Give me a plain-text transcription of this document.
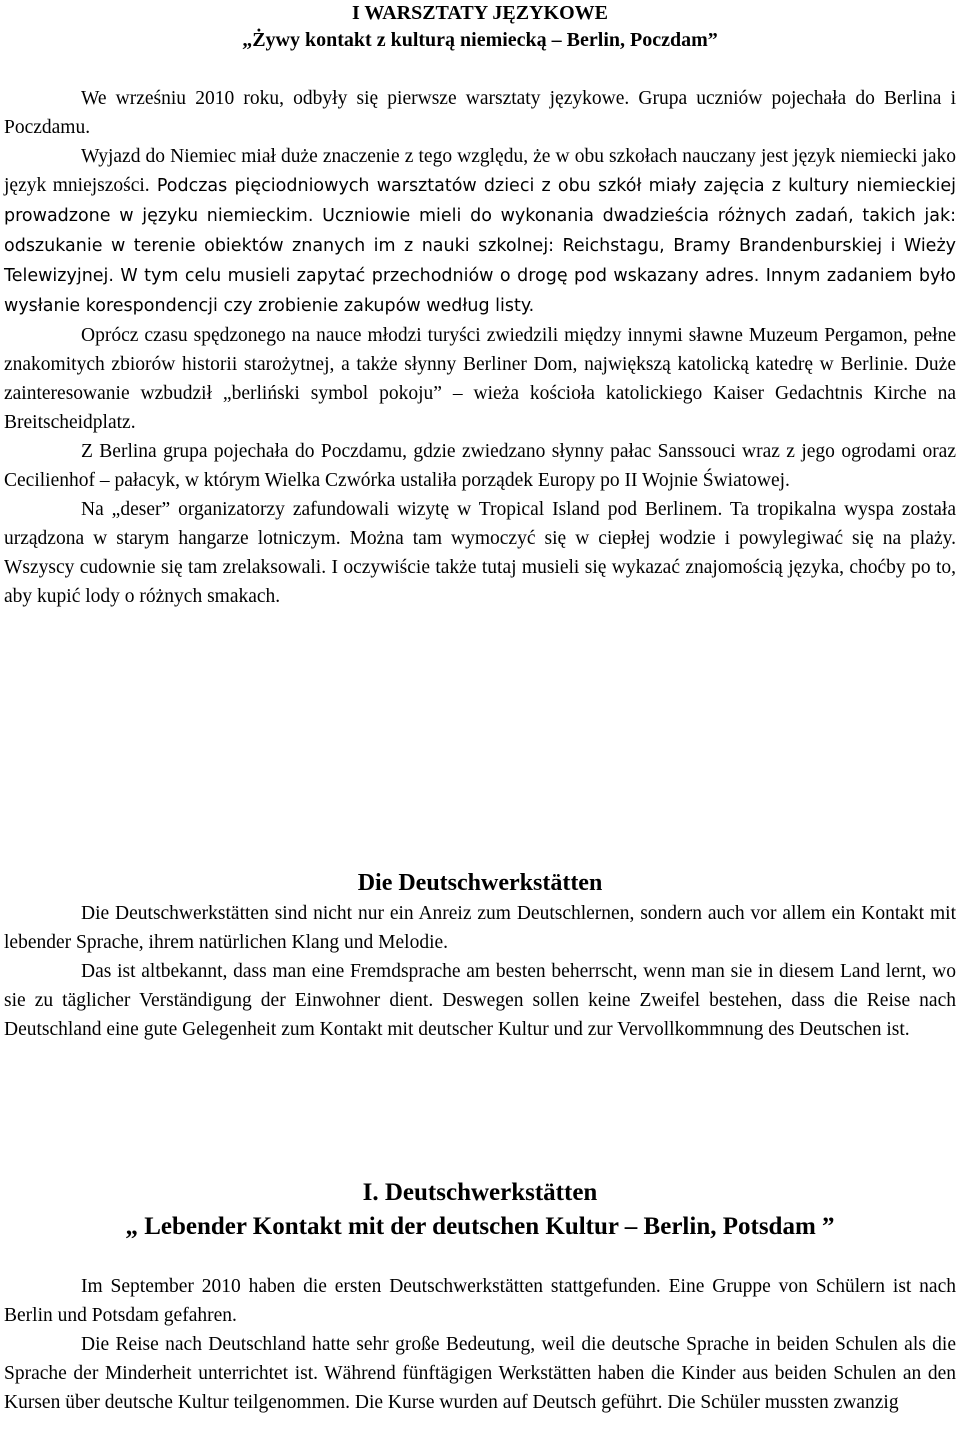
I WARSZTATY JĘZYKOWE
„Żywy kontakt z kulturą niemiecką – Berlin, Poczdam”

We wrześniu 2010 roku, odbyły się pierwsze warsztaty językowe. Grupa uczniów pojechała do Berlina i Poczdamu.

Wyjazd do Niemiec miał duże znaczenie z tego względu, że w obu szkołach nauczany jest język niemiecki jako język mniejszości. Podczas pięciodniowych warsztatów dzieci z obu szkół miały zajęcia z kultury niemieckiej prowadzone w języku niemieckim. Uczniowie mieli do wykonania dwadzieścia różnych zadań, takich jak: odszukanie w terenie obiektów znanych im z nauki szkolnej: Reichstagu, Bramy Brandenburskiej i Wieży Telewizyjnej. W tym celu musieli zapytać przechodniów o drogę pod wskazany adres. Innym zadaniem było wysłanie korespondencji czy zrobienie zakupów według listy.

Oprócz czasu spędzonego na nauce młodzi turyści zwiedzili między innymi sławne Muzeum Pergamon, pełne znakomitych zbiorów historii starożytnej, a także słynny Berliner Dom, największą katolicką katedrę w Berlinie. Duże zainteresowanie wzbudził „berliński symbol pokoju” – wieża kościoła katolickiego Kaiser Gedachtnis Kirche na Breitscheidplatz.

Z Berlina grupa pojechała do Poczdamu, gdzie zwiedzano słynny pałac Sanssouci wraz z jego ogrodami oraz Cecilienhof – pałacyk, w którym Wielka Czwórka ustaliła porządek Europy po II Wojnie Światowej.

Na „deser” organizatorzy zafundowali wizytę w Tropical Island pod Berlinem. Ta tropikalna wyspa została urządzona w starym hangarze lotniczym. Można tam wymoczyć się w ciepłej wodzie i powylegiwać się na plaży. Wszyscy cudownie się tam zrelaksowali. I oczywiście także tutaj musieli się wykazać znajomością języka, choćby po to, aby kupić lody o różnych smakach.

Die Deutschwerkstätten

Die Deutschwerkstätten sind nicht nur ein Anreiz zum Deutschlernen, sondern auch vor allem ein Kontakt mit lebender Sprache, ihrem natürlichen Klang und Melodie.

Das ist altbekannt, dass man eine Fremdsprache am besten beherrscht, wenn man sie in diesem Land lernt, wo sie zu täglicher Verständigung der Einwohner dient. Deswegen sollen keine Zweifel bestehen, dass die Reise nach Deutschland eine gute Gelegenheit zum Kontakt mit deutscher Kultur und zur Vervollkommnung des Deutschen ist.

I. Deutschwerkstätten
„ Lebender Kontakt mit der deutschen Kultur – Berlin, Potsdam ”

Im September 2010 haben die ersten Deutschwerkstätten stattgefunden. Eine Gruppe von Schülern ist nach Berlin und Potsdam gefahren.

Die Reise nach Deutschland hatte sehr große Bedeutung, weil die deutsche Sprache in beiden Schulen als die Sprache der Minderheit unterrichtet ist. Während fünftägigen Werkstätten haben die Kinder aus beiden Schulen an den Kursen über deutsche Kultur teilgenommen. Die Kurse wurden auf Deutsch geführt. Die Schüler mussten zwanzig
